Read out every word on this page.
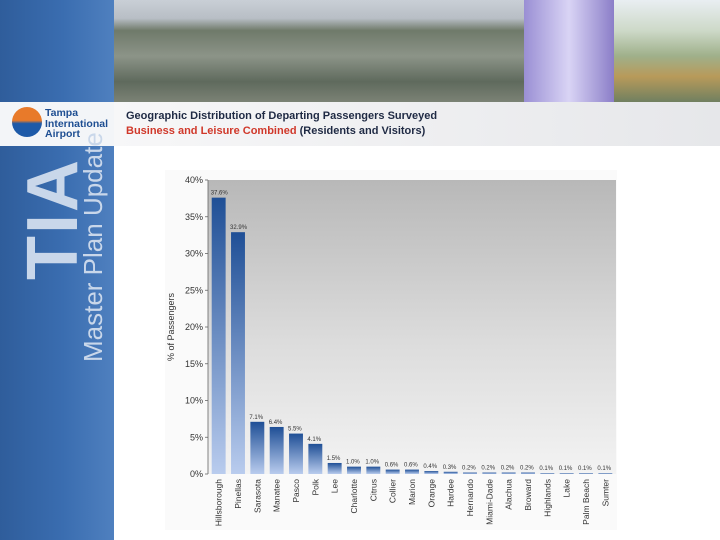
Tampa
International
Airport
TIA
Master Plan Update
Geographic Distribution of Departing Passengers Surveyed
Business and Leisure Combined (Residents and Visitors)
0%
5%
10%
15%
20%
25%
30%
35%
40%
37.6%
32.9%
7.1%
6.4%
5.5%
4.1%
1.5%
1.0% 1.0% 0.6% 0.6% 0.4% 0.3% 0.2% 0.2% 0.2% 0.2% 0.1% 0.1% 0.1% 0.1%
Hillsborough Pinellas Sarasota Manatee Pasco Polk Lee Charlotte Citrus Collier Marion Orange Hardee Hernando Miami-Dade Alachua Broward Highlands Lake Palm Beach Sumter
% of Passengers
